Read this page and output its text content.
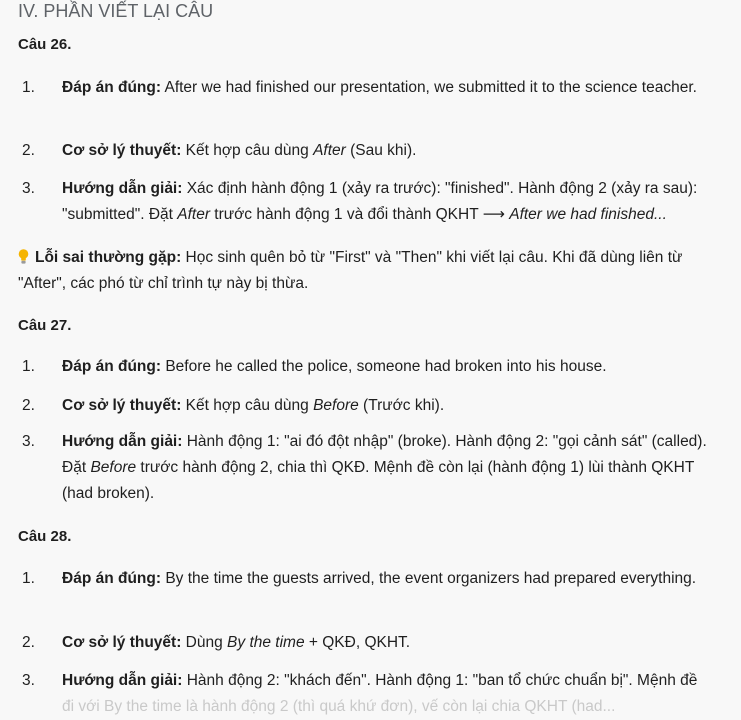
IV. PHẦN VIẾT LẠI CÂU
Câu 26.
1. Đáp án đúng: After we had finished our presentation, we submitted it to the science teacher.
2. Cơ sở lý thuyết: Kết hợp câu dùng After (Sau khi).
3. Hướng dẫn giải: Xác định hành động 1 (xảy ra trước): "finished". Hành động 2 (xảy ra sau): "submitted". Đặt After trước hành động 1 và đổi thành QKHT ⟶ After we had finished...
Lỗi sai thường gặp: Học sinh quên bỏ từ "First" và "Then" khi viết lại câu. Khi đã dùng liên từ "After", các phó từ chỉ trình tự này bị thừa.
Câu 27.
1. Đáp án đúng: Before he called the police, someone had broken into his house.
2. Cơ sở lý thuyết: Kết hợp câu dùng Before (Trước khi).
3. Hướng dẫn giải: Hành động 1: "ai đó đột nhập" (broke). Hành động 2: "gọi cảnh sát" (called). Đặt Before trước hành động 2, chia thì QKĐ. Mệnh đề còn lại (hành động 1) lùi thành QKHT (had broken).
Câu 28.
1. Đáp án đúng: By the time the guests arrived, the event organizers had prepared everything.
2. Cơ sở lý thuyết: Dùng By the time + QKĐ, QKHT.
3. Hướng dẫn giải: Hành động 2: "khách đến". Hành động 1: "ban tổ chức chuẩn bị". Mệnh đề
đi với By the time là hành động 2 (thì quá khứ đơn), vế còn lại chia QKHT (had...
